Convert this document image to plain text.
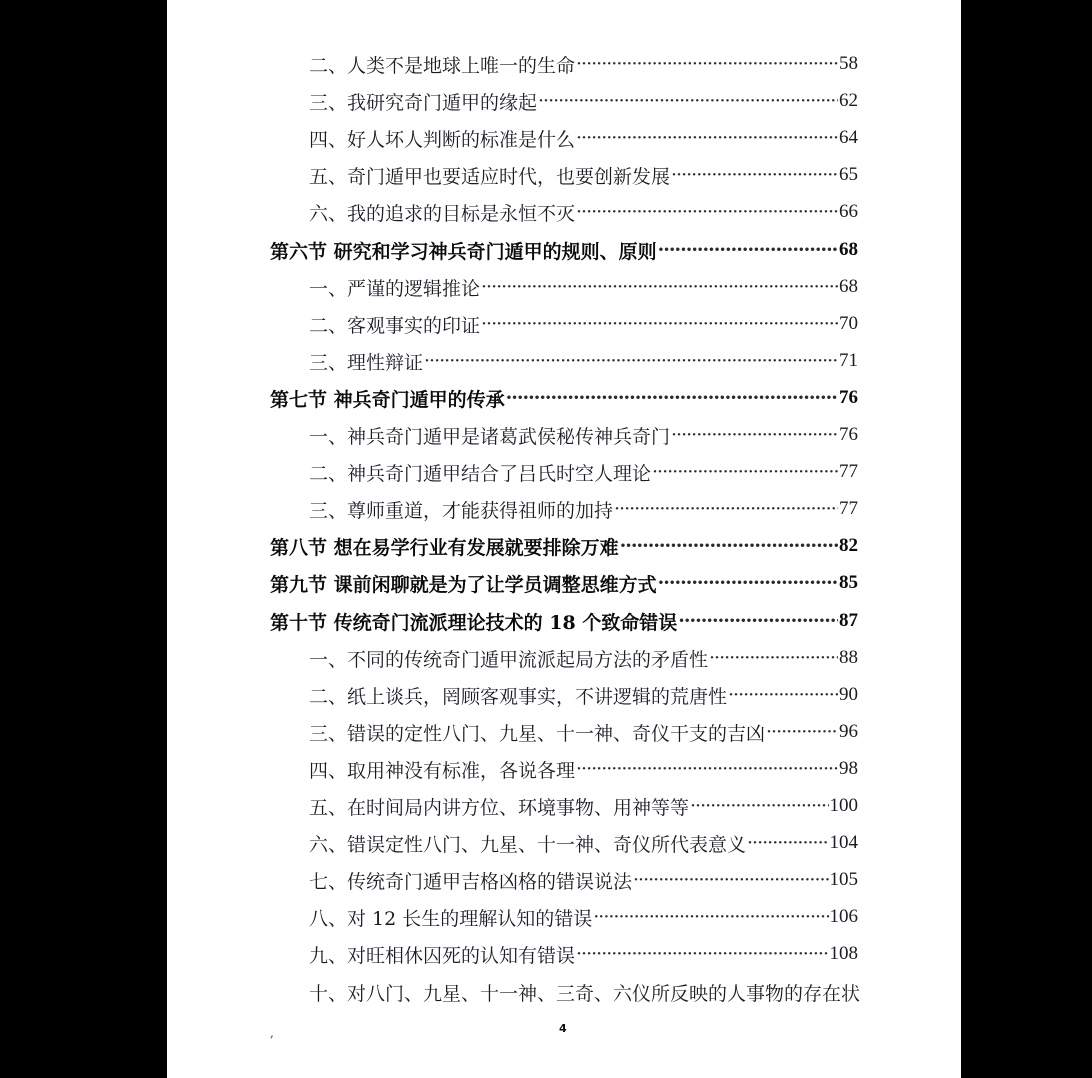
二、人类不是地球上唯一的生命 ·····	58
三、我研究奇门遁甲的缘起 ·····	62
四、好人坏人判断的标准是什么 ·····	64
五、奇门遁甲也要适应时代，也要创新发展 ·····	65
六、我的追求的目标是永恒不灭 ·····	66
第六节 研究和学习神兵奇门遁甲的规则、原则 ·····	68
一、严谨的逻辑推论 ·····	68
二、客观事实的印证 ·····	70
三、理性辩证 ·····	71
第七节 神兵奇门遁甲的传承 ·····	76
一、神兵奇门遁甲是诸葛武侯秘传神兵奇门 ·····	76
二、神兵奇门遁甲结合了吕氏时空人理论 ·····	77
三、尊师重道，才能获得祖师的加持 ·····	77
第八节 想在易学行业有发展就要排除万难 ·····	82
第九节 课前闲聊就是为了让学员调整思维方式 ·····	85
第十节 传统奇门流派理论技术的 18 个致命错误 ·····	87
一、不同的传统奇门遁甲流派起局方法的矛盾性 ·····	88
二、纸上谈兵，罔顾客观事实，不讲逻辑的荒唐性 ·····	90
三、错误的定性八门、九星、十一神、奇仪干支的吉凶 ·····	96
四、取用神没有标准，各说各理 ·····	98
五、在时间局内讲方位、环境事物、用神等等 ·····	100
六、错误定性八门、九星、十一神、奇仪所代表意义 ·····	104
七、传统奇门遁甲吉格凶格的错误说法 ·····	105
八、对 12 长生的理解认知的错误 ·····	106
九、对旺相休囚死的认知有错误 ·····	108
十、对八门、九星、十一神、三奇、六仪所反映的人事物的存在状
,	4
